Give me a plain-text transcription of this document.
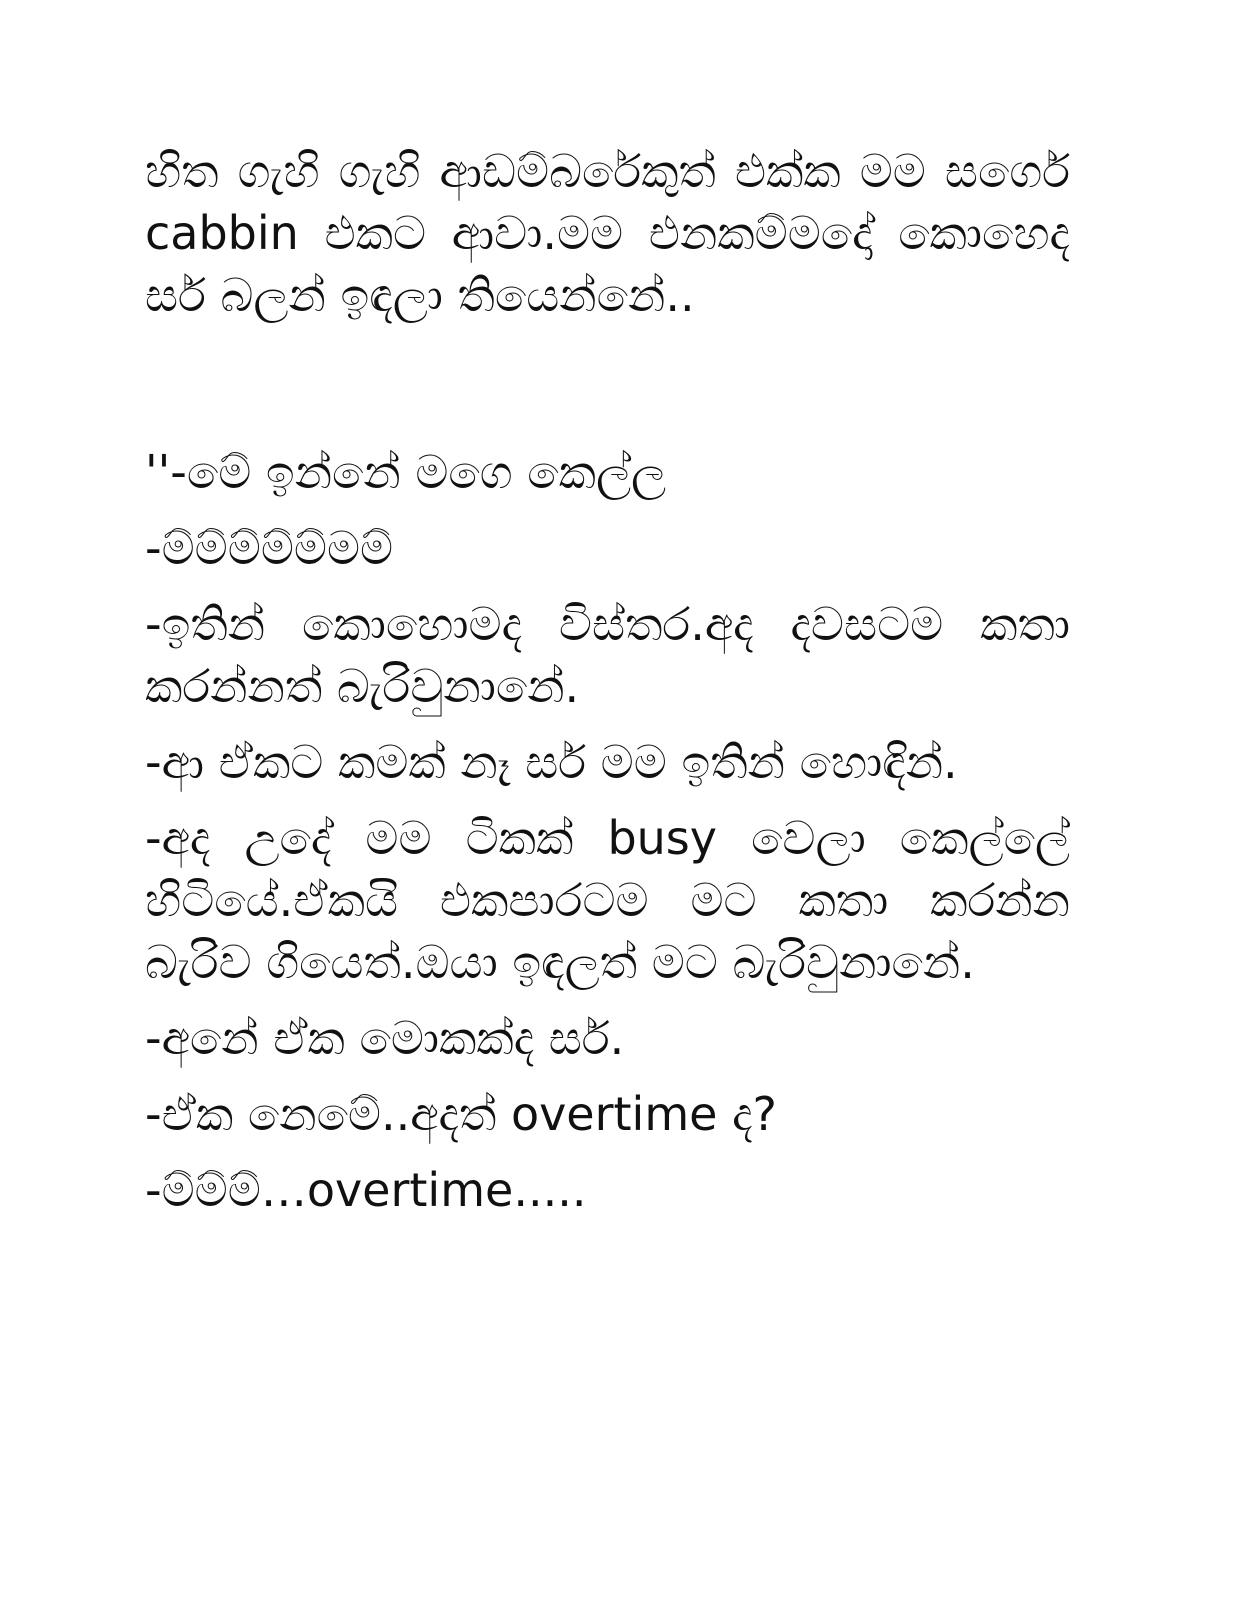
හිත ගැහි ගැහි ආඩම්බරේකුත් එක්ක මම සර්ගෙ cabbin එකට ආවා.මම එනකම්මදෝ කොහෙද සර් බලන් ඉඳලා තියෙන්නේ..

''-මේ ඉන්නේ මගෙ කෙල්ල

-ම්ම්ම්ම්ම්මම්

-ඉතින් කොහොමද විස්තර.අද දවසටම කතා කරන්නත් බැරිවුනානේ.

-ආ ඒකට කමක් නෑ සර් මම ඉතින් හොඳින්.

-අද උදේ මම ටිකක් busy වෙලා කෙල්ලේ හිටියේ.ඒකයි එකපාරටම මට කතා කරන්න බැරිව ගියෙත්.ඔයා ඉඳලත් මට බැරිවුනානේ.

-අනේ ඒක මොකක්ද සර්.

-ඒක නෙමේ..අදත් overtime ද?

-ම්ම්ම්…overtime.....
